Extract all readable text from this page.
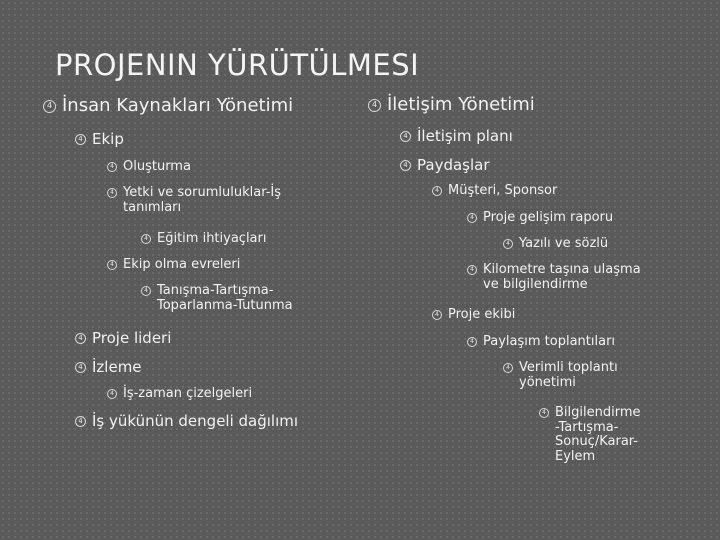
PROJENIN YÜRÜTÜLMESI
4 İnsan Kaynakları Yönetimi
4 Ekip
4 Oluşturma
4 Yetki ve sorumluluklar-İş
tanımları
4 Eğitim ihtiyaçları
4 Ekip olma evreleri
4 Tanışma-Tartışma-
Toparlanma-Tutunma
4 Proje lideri
4 İzleme
4 İş-zaman çizelgeleri
4 İş yükünün dengeli dağılımı
4 İletişim Yönetimi
4 İletişim planı
4 Paydaşlar
4 Müşteri, Sponsor
4 Proje gelişim raporu
4 Yazılı ve sözlü
4 Kilometre taşına ulaşma
ve bilgilendirme
4 Proje ekibi
4 Paylaşım toplantıları
4 Verimli toplantı
yönetimi
4 Bilgilendirme
-Tartışma-
Sonuç/Karar-
Eylem
